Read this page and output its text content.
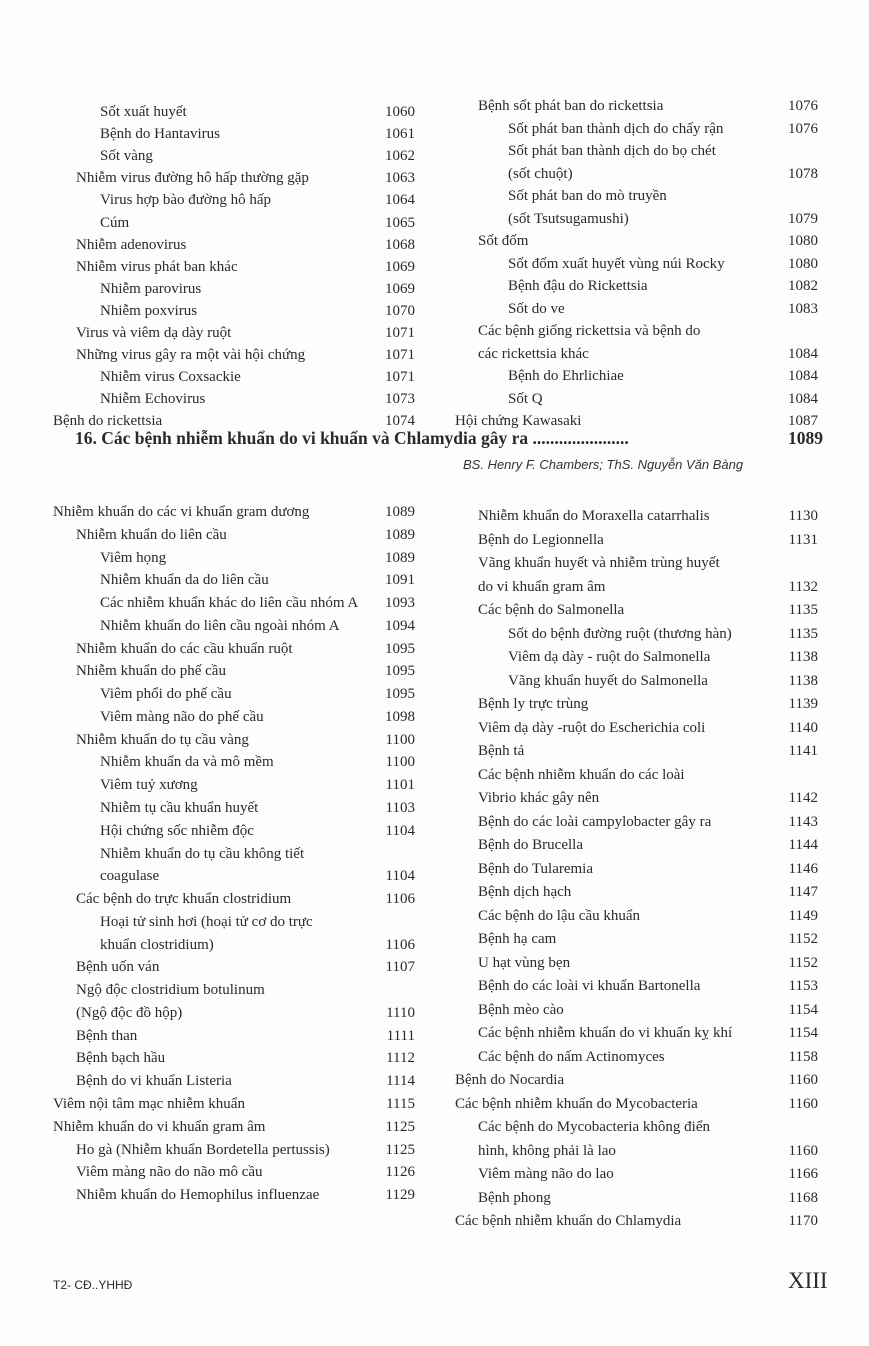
Sốt xuất huyết	1060
Bệnh do Hantavirus	1061
Sốt vàng	1062
Nhiễm virus đường hô hấp thường gặp	1063
Virus hợp bào đường hô hấp	1064
Cúm	1065
Nhiễm adenovirus	1068
Nhiễm virus phát ban khác	1069
Nhiễm parovirus	1069
Nhiễm poxvirus	1070
Virus và viêm dạ dày ruột	1071
Những virus gây ra một vài hội chứng	1071
Nhiễm virus Coxsackie	1071
Nhiễm Echovirus	1073
Bệnh do rickettsia	1074
Bệnh sốt phát ban do rickettsia	1076
Sốt phát ban thành dịch do chấy rận	1076
Sốt phát ban thành dịch do bọ chét
(sốt chuột)	1078
Sốt phát ban do mò truyền
(sốt Tsutsugamushi)	1079
Sốt đốm	1080
Sốt đốm xuất huyết vùng núi Rocky	1080
Bệnh đậu do Rickettsia	1082
Sốt do ve	1083
Các bệnh giống rickettsia và bệnh do
các rickettsia khác	1084
Bệnh do Ehrlichiae	1084
Sốt Q	1084
Hội chứng Kawasaki	1087
16. Các bệnh nhiễm khuẩn do vi khuẩn và Chlamydia gây ra ......................	1089
BS. Henry F. Chambers; ThS. Nguyễn Văn Bàng
Nhiễm khuẩn do các vi khuẩn gram dương	1089
Nhiễm khuẩn do liên cầu	1089
Viêm họng	1089
Nhiễm khuẩn da do liên cầu	1091
Các nhiễm khuẩn khác do liên cầu nhóm A	1093
Nhiễm khuẩn do liên cầu ngoài nhóm A	1094
Nhiễm khuẩn do các cầu khuẩn ruột	1095
Nhiễm khuẩn do phế cầu	1095
Viêm phổi do phế cầu	1095
Viêm màng não do phế cầu	1098
Nhiễm khuẩn do tụ cầu vàng	1100
Nhiễm khuẩn da và mô mềm	1100
Viêm tuỷ xương	1101
Nhiễm tụ cầu khuẩn huyết	1103
Hội chứng sốc nhiễm độc	1104
Nhiễm khuẩn do tụ cầu không tiết
coagulase	1104
Các bệnh do trực khuẩn clostridium	1106
Hoại tử sinh hơi (hoại tử cơ do trực
khuẩn clostridium)	1106
Bệnh uốn ván	1107
Ngộ độc clostridium botulinum
(Ngộ độc đồ hộp)	1110
Bệnh than	1111
Bệnh bạch hầu	1112
Bệnh do vi khuẩn Listeria	1114
Viêm nội tâm mạc nhiễm khuẩn	1115
Nhiễm khuẩn do vi khuẩn gram âm	1125
Ho gà (Nhiễm khuẩn Bordetella pertussis)	1125
Viêm màng não do não mô cầu	1126
Nhiễm khuẩn do Hemophilus influenzae	1129
Nhiễm khuẩn do Moraxella catarrhalis	1130
Bệnh do Legionnella	1131
Vãng khuẩn huyết và nhiễm trùng huyết
do vi khuẩn gram âm	1132
Các bệnh do Salmonella	1135
Sốt do bệnh đường ruột (thương hàn)	1135
Viêm dạ dày - ruột do Salmonella	1138
Vãng khuẩn huyết do Salmonella	1138
Bệnh ly trực trùng	1139
Viêm dạ dày -ruột do Escherichia coli	1140
Bệnh tả	1141
Các bệnh nhiễm khuẩn do các loài
Vibrio khác gây nên	1142
Bệnh do các loài campylobacter gây ra	1143
Bệnh do Brucella	1144
Bệnh do Tularemia	1146
Bệnh dịch hạch	1147
Các bệnh do lậu cầu khuẩn	1149
Bệnh hạ cam	1152
U hạt vùng bẹn	1152
Bệnh do các loài vi khuẩn Bartonella	1153
Bệnh mèo cào	1154
Các bệnh nhiễm khuẩn do vi khuẩn kỵ khí	1154
Các bệnh do nấm Actinomyces	1158
Bệnh do Nocardia	1160
Các bệnh nhiễm khuẩn do Mycobacteria	1160
Các bệnh do Mycobacteria không điển
hình, không phải là lao	1160
Viêm màng não do lao	1166
Bệnh phong	1168
Các bệnh nhiễm khuẩn do Chlamydia	1170
T2- CĐ..YHHĐ	XIII
